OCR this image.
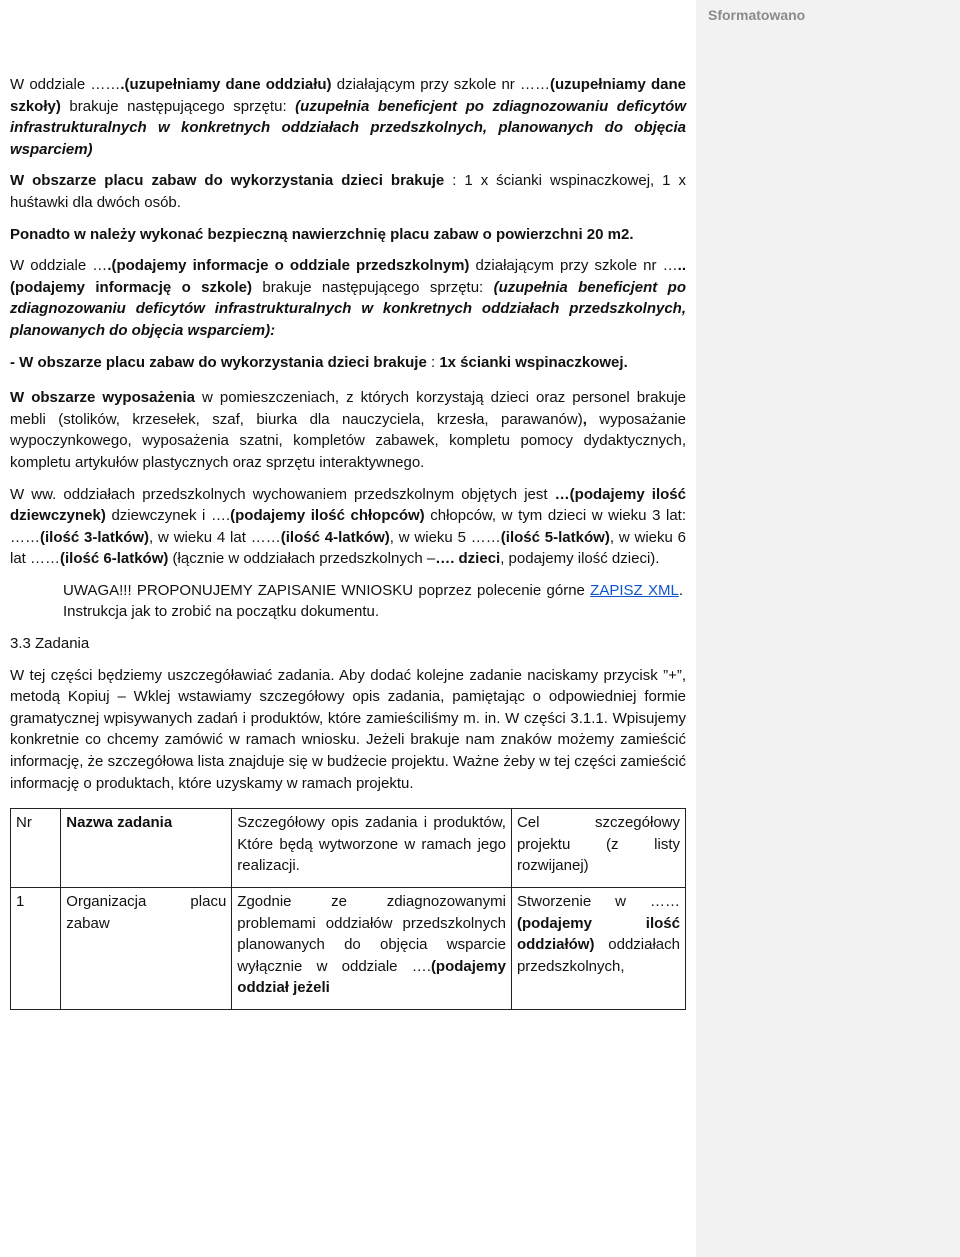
Sformatowano

W oddziale …….(uzupełniamy dane oddziału) działającym przy szkole nr ……(uzupełniamy dane szkoły) brakuje następującego sprzętu: (uzupełnia beneficjent po zdiagnozowaniu deficytów infrastrukturalnych w konkretnych oddziałach przedszkolnych, planowanych do objęcia wsparciem)

W obszarze placu zabaw do wykorzystania dzieci brakuje : 1 x ścianki wspinaczkowej, 1 x huśtawki dla dwóch osób.

Ponadto w należy wykonać bezpieczną nawierzchnię placu zabaw o powierzchni 20 m2.

W oddziale ….(podajemy informacje o oddziale przedszkolnym) działającym przy szkole nr …..(podajemy informację o szkole) brakuje następującego sprzętu: (uzupełnia beneficjent po zdiagnozowaniu deficytów infrastrukturalnych w konkretnych oddziałach przedszkolnych, planowanych do objęcia wsparciem):

- W obszarze placu zabaw do wykorzystania dzieci brakuje : 1x ścianki wspinaczkowej.

W obszarze wyposażenia w pomieszczeniach, z których korzystają dzieci oraz personel brakuje mebli (stolików, krzesełek, szaf, biurka dla nauczyciela, krzesła, parawanów), wyposażanie wypoczynkowego, wyposażenia szatni, kompletów zabawek, kompletu pomocy dydaktycznych, kompletu artykułów plastycznych oraz sprzętu interaktywnego.

W ww. oddziałach przedszkolnych wychowaniem przedszkolnym objętych jest …(podajemy ilość dziewczynek) dziewczynek i ….(podajemy ilość chłopców) chłopców, w tym dzieci w wieku 3 lat: ……(ilość 3-latków), w wieku 4 lat ……(ilość 4-latków), w wieku 5 ……(ilość 5-latków), w wieku 6 lat ……(ilość 6-latków) (łącznie w oddziałach przedszkolnych –…. dzieci, podajemy ilość dzieci).

UWAGA!!! PROPONUJEMY ZAPISANIE WNIOSKU poprzez polecenie górne ZAPISZ XML. Instrukcja jak to zrobić na początku dokumentu.

3.3 Zadania

W tej części będziemy uszczegóławiać zadania. Aby dodać kolejne zadanie naciskamy przycisk ”+”, metodą Kopiuj – Wklej wstawiamy szczegółowy opis zadania, pamiętając o odpowiedniej formie gramatycznej wpisywanych zadań i produktów, które zamieściliśmy m. in. W części 3.1.1. Wpisujemy konkretnie co chcemy zamówić w ramach wniosku. Jeżeli brakuje nam znaków możemy zamieścić informację, że szczegółowa lista znajduje się w budżecie projektu. Ważne żeby w tej części zamieścić informację o produktach, które uzyskamy w ramach projektu.

Nr	Nazwa zadania	Szczegółowy opis zadania i produktów, Które będą wytworzone w ramach jego realizacji.	Cel szczegółowy projektu (z listy rozwijanej)
1	Organizacja placu zabaw	Zgodnie ze zdiagnozowanymi problemami oddziałów przedszkolnych planowanych do objęcia wsparcie wyłącznie w oddziale ….(podajemy oddział jeżeli	Stworzenie w ……(podajemy ilość oddziałów) oddziałach przedszkolnych,
